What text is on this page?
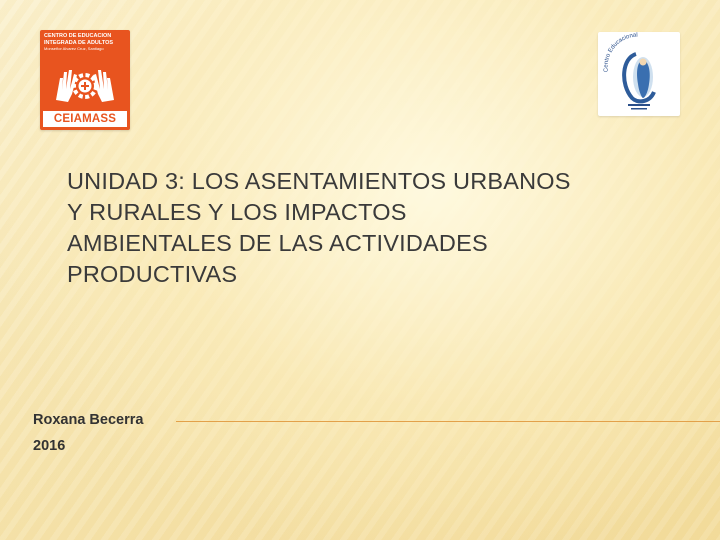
CENTRO DE EDUCACION
INTEGRADA DE ADULTOS
Monseñor Alvarez Cruz, Santiago
CEIAMASS
Centro Educacional
UNIDAD 3: LOS ASENTAMIENTOS URBANOS
Y RURALES Y LOS IMPACTOS
AMBIENTALES DE LAS ACTIVIDADES
PRODUCTIVAS
Roxana Becerra
2016
